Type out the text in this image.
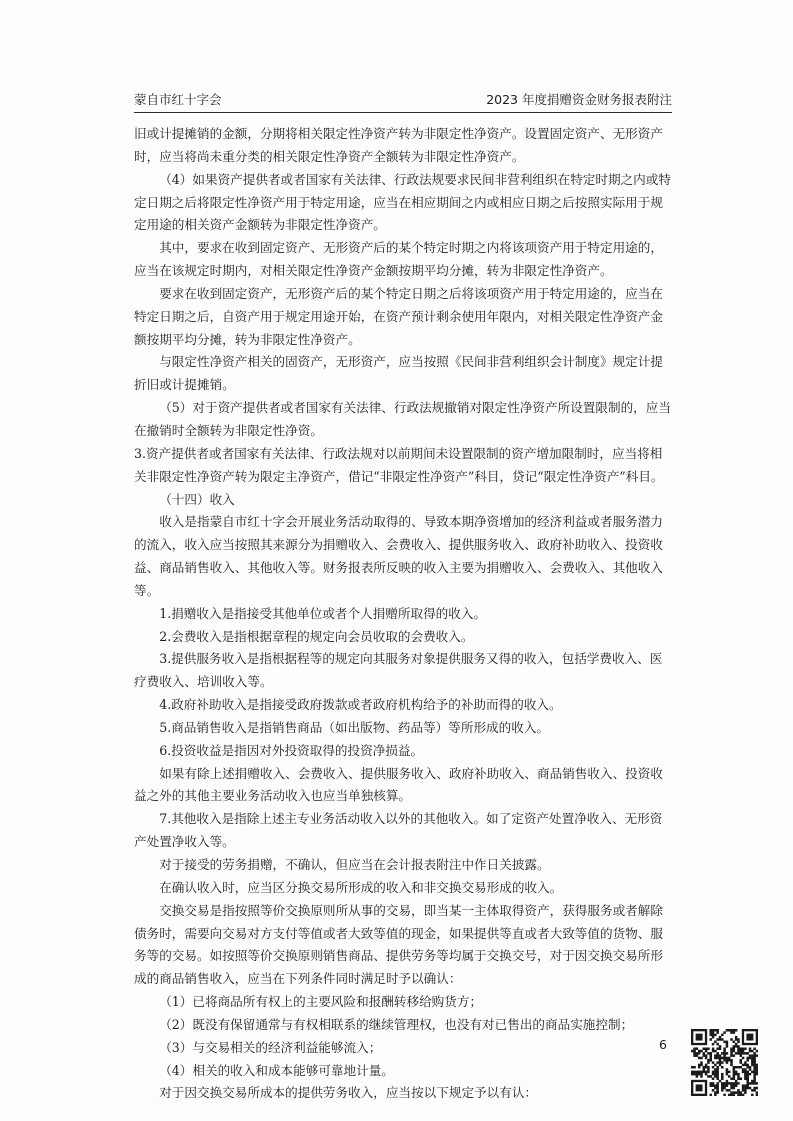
蒙自市红十字会	2023 年度捐赠资金财务报表附注

旧或计提摊销的金额，分期将相关限定性净资产转为非限定性净资产。设置固定资产、无形资产时，应当将尚未重分类的相关限定性净资产全额转为非限定性净资产。

（4）如果资产提供者或者国家有关法律、行政法规要求民间非营利组织在特定时期之内或特定日期之后将限定性净资产用于特定用途，应当在相应期间之内或相应日期之后按照实际用于规定用途的相关资产金额转为非限定性净资产。

其中，要求在收到固定资产、无形资产后的某个特定时期之内将该项资产用于特定用途的，应当在该规定时期内，对相关限定性净资产金额按期平均分摊，转为非限定性净资产。

要求在收到固定资产，无形资产后的某个特定日期之后将该项资产用于特定用途的，应当在特定日期之后，自资产用于规定用途开始，在资产预计剩余使用年限内，对相关限定性净资产金额按期平均分摊，转为非限定性净资产。

与限定性净资产相关的固资产，无形资产，应当按照《民间非营利组织会计制度》规定计提折旧或计提摊销。

（5）对于资产提供者或者国家有关法律、行政法规撤销对限定性净资产所设置限制的，应当在撤销时全额转为非限定性净资。

3.资产提供者或者国家有关法律、行政法规对以前期间未设置限制的资产增加限制时，应当将相关非限定性净资产转为限定主净资产，借记“非限定性净资产”科目，贷记“限定性净资产”科目。

（十四）收入

收入是指蒙自市红十字会开展业务活动取得的、导致本期净资增加的经济利益或者服务潜力的流入，收入应当按照其来源分为捐赠收入、会费收入、提供服务收入、政府补助收入、投资收益、商品销售收入、其他收入等。财务报表所反映的收入主要为捐赠收入、会费收入、其他收入等。

1.捐赠收入是指接受其他单位或者个人捐赠所取得的收入。

2.会费收入是指根据章程的规定向会员收取的会费收入。

3.提供服务收入是指根据程等的规定向其服务对象提供服务又得的收入，包括学费收入、医疗费收入、培训收入等。

4.政府补助收入是指接受政府拨款或者政府机构给予的补助而得的收入。

5.商品销售收入是指销售商品（如出版物、药品等）等所形成的收入。

6.投资收益是指因对外投资取得的投资净损益。

如果有除上述捐赠收入、会费收入、提供服务收入、政府补助收入、商品销售收入、投资收益之外的其他主要业务活动收入也应当单独核算。

7.其他收入是指除上述主专业务活动收入以外的其他收入。如了定资产处置净收入、无形资产处置净收入等。

对于接受的劳务捐赠，不确认，但应当在会计报表附注中作日关披露。

在确认收入时，应当区分换交易所形成的收入和非交换交易形成的收入。

交换交易是指按照等价交换原则所从事的交易，即当某一主体取得资产，获得服务或者解除债务时，需要向交易对方支付等值或者大致等值的现金，如果提供等直或者大致等值的货物、服务等的交易。如按照等价交换原则销售商品、提供劳务等均属于交换交号，对于因交换交易所形成的商品销售收入，应当在下列条件同时满足时予以确认：

（1）已将商品所有权上的主要风险和报酬转移给购货方；

（2）既没有保留通常与有权相联系的继续管理权，也没有对已售出的商品实施控制；

（3）与交易相关的经济利益能够流入；

（4）相关的收入和成本能够可靠地计量。

对于因交换交易所成本的提供劳务收入，应当按以下规定予以有认：

6
